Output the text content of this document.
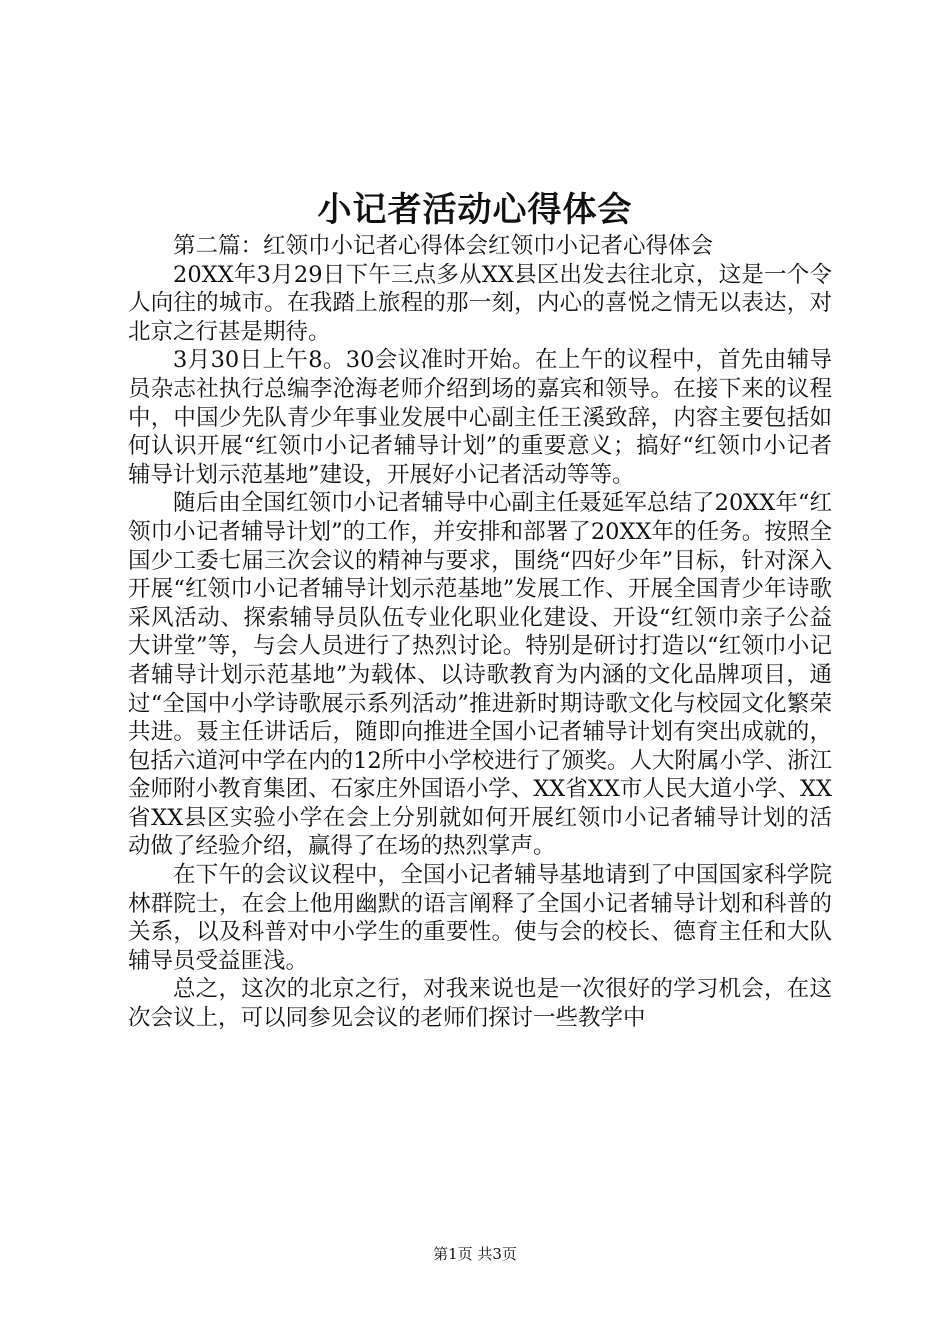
小记者活动心得体会

第二篇：红领巾小记者心得体会红领巾小记者心得体会

20XX年3月29日下午三点多从XX县区出发去往北京，这是一个令人向往的城市。在我踏上旅程的那一刻，内心的喜悦之情无以表达，对北京之行甚是期待。

3月30日上午8。30会议准时开始。在上午的议程中，首先由辅导员杂志社执行总编李沧海老师介绍到场的嘉宾和领导。在接下来的议程中，中国少先队青少年事业发展中心副主任王溪致辞，内容主要包括如何认识开展“红领巾小记者辅导计划”的重要意义；搞好“红领巾小记者辅导计划示范基地”建设，开展好小记者活动等等。

随后由全国红领巾小记者辅导中心副主任聂延军总结了20XX年“红领巾小记者辅导计划”的工作，并安排和部署了20XX年的任务。按照全国少工委七届三次会议的精神与要求，围绕“四好少年”目标，针对深入开展“红领巾小记者辅导计划示范基地”发展工作、开展全国青少年诗歌采风活动、探索辅导员队伍专业化职业化建设、开设“红领巾亲子公益大讲堂”等，与会人员进行了热烈讨论。特别是研讨打造以“红领巾小记者辅导计划示范基地”为载体、以诗歌教育为内涵的文化品牌项目，通过“全国中小学诗歌展示系列活动”推进新时期诗歌文化与校园文化繁荣共进。聂主任讲话后，随即向推进全国小记者辅导计划有突出成就的，包括六道河中学在内的12所中小学校进行了颁奖。人大附属小学、浙江金师附小教育集团、石家庄外国语小学、XX省XX市人民大道小学、XX省XX县区实验小学在会上分别就如何开展红领巾小记者辅导计划的活动做了经验介绍，赢得了在场的热烈掌声。

在下午的会议议程中，全国小记者辅导基地请到了中国国家科学院林群院士，在会上他用幽默的语言阐释了全国小记者辅导计划和科普的关系，以及科普对中小学生的重要性。使与会的校长、德育主任和大队辅导员受益匪浅。

总之，这次的北京之行，对我来说也是一次很好的学习机会，在这次会议上，可以同参见会议的老师们探讨一些教学中

第1页 共3页
